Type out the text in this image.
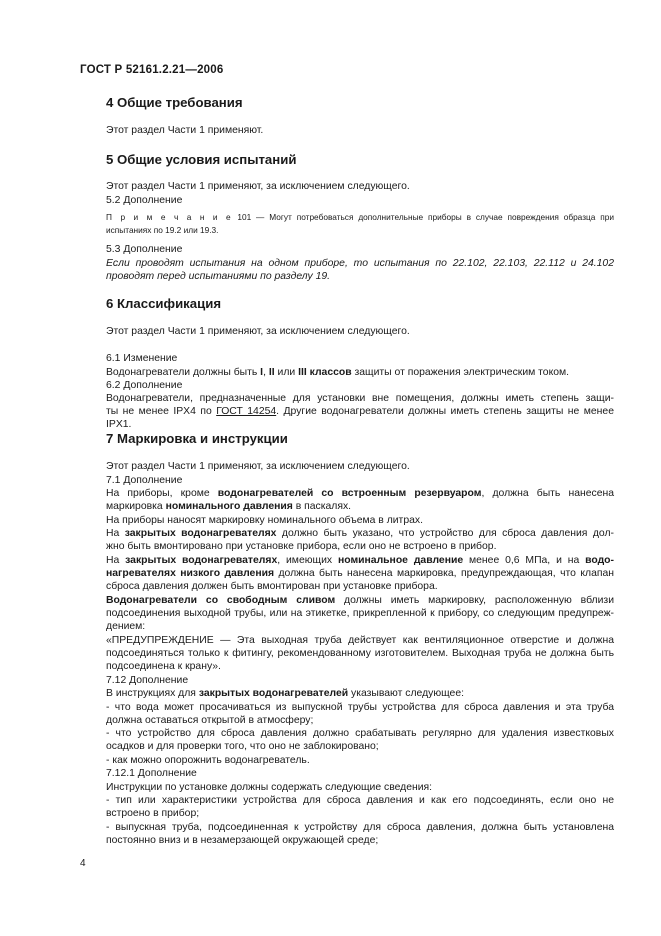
ГОСТ Р 52161.2.21—2006
4 Общие требования
Этот раздел Части 1 применяют.
5 Общие условия испытаний
Этот раздел Части 1 применяют, за исключением следующего.
5.2 Дополнение
П р и м е ч а н и е 101 — Могут потребоваться дополнительные приборы в случае повреждения образца при
испытаниях по 19.2 или 19.3.
5.3 Дополнение
Если проводят испытания на одном приборе, то испытания по 22.102, 22.103, 22.112 и 24.102
проводят перед испытаниями по разделу 19.
6 Классификация
Этот раздел Части 1 применяют, за исключением следующего.
6.1 Изменение
Водонагреватели должны быть I, II или III классов защиты от поражения электрическим током.
6.2 Дополнение
Водонагреватели, предназначенные для установки вне помещения, должны иметь степень защи-
ты не менее IPX4 по ГОСТ 14254. Другие водонагреватели должны иметь степень защиты не менее IPX1.
7 Маркировка и инструкции
Этот раздел Части 1 применяют, за исключением следующего.
7.1 Дополнение
На приборы, кроме водонагревателей со встроенным резервуаром, должна быть нанесена
маркировка номинального давления в паскалях.
На приборы наносят маркировку номинального объема в литрах.
На закрытых водонагревателях должно быть указано, что устройство для сброса давления дол-
жно быть вмонтировано при установке прибора, если оно не встроено в прибор.
На закрытых водонагревателях, имеющих номинальное давление менее 0,6 МПа, и на водо-
нагревателях низкого давления должна быть нанесена маркировка, предупреждающая, что клапан
сброса давления должен быть вмонтирован при установке прибора.
Водонагреватели со свободным сливом должны иметь маркировку, расположенную вблизи
подсоединения выходной трубы, или на этикетке, прикрепленной к прибору, со следующим предупреж-
дением:
«ПРЕДУПРЕЖДЕНИЕ — Эта выходная труба действует как вентиляционное отверстие и должна
подсоединяться только к фитингу, рекомендованному изготовителем. Выходная труба не должна быть
подсоединена к крану».
7.12 Дополнение
В инструкциях для закрытых водонагревателей указывают следующее:
- что вода может просачиваться из выпускной трубы устройства для сброса давления и эта труба
должна оставаться открытой в атмосферу;
- что устройство для сброса давления должно срабатывать регулярно для удаления известковых
осадков и для проверки того, что оно не заблокировано;
- как можно опорожнить водонагреватель.
7.12.1 Дополнение
Инструкции по установке должны содержать следующие сведения:
- тип или характеристики устройства для сброса давления и как его подсоединять, если оно не
встроено в прибор;
- выпускная труба, подсоединенная к устройству для сброса давления, должна быть установлена
постоянно вниз и в незамерзающей окружающей среде;
4
